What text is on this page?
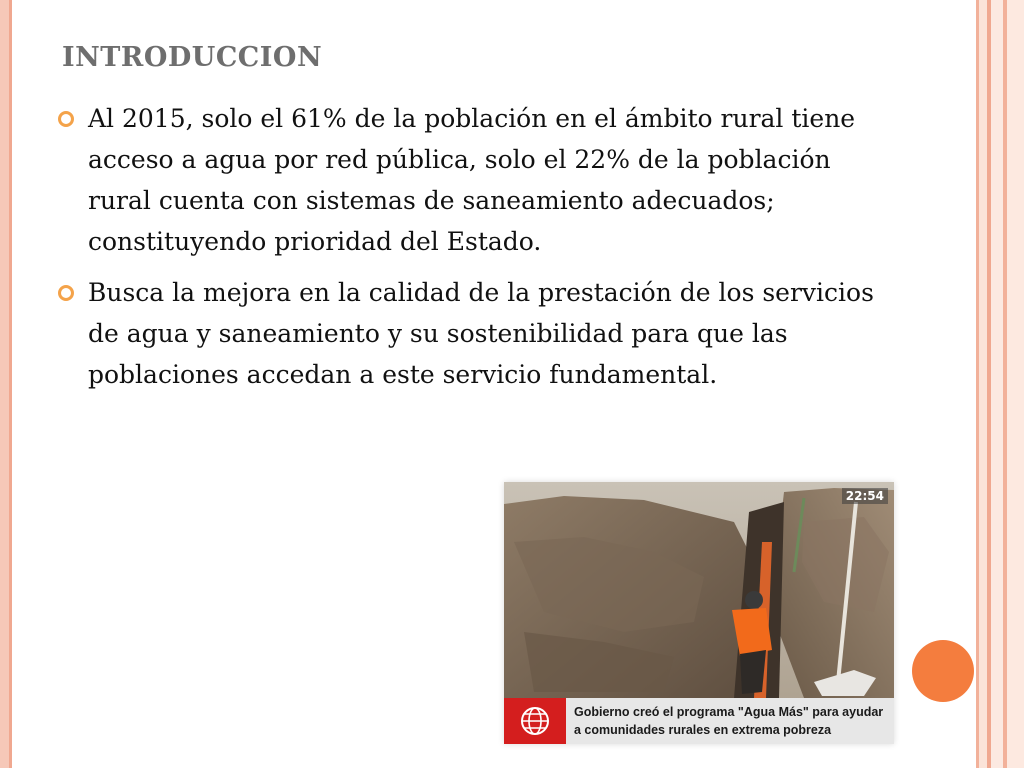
INTRODUCCION
Al 2015, solo el 61% de la población en el ámbito rural tiene acceso a agua por red pública, solo el 22% de la población rural cuenta con sistemas de saneamiento adecuados; constituyendo prioridad del Estado.
Busca la mejora en la calidad de la prestación de los servicios de agua y saneamiento y su sostenibilidad para que las poblaciones accedan a este servicio fundamental.
22:54
Gobierno creó el programa "Agua Más" para ayudar
a comunidades rurales en extrema pobreza
